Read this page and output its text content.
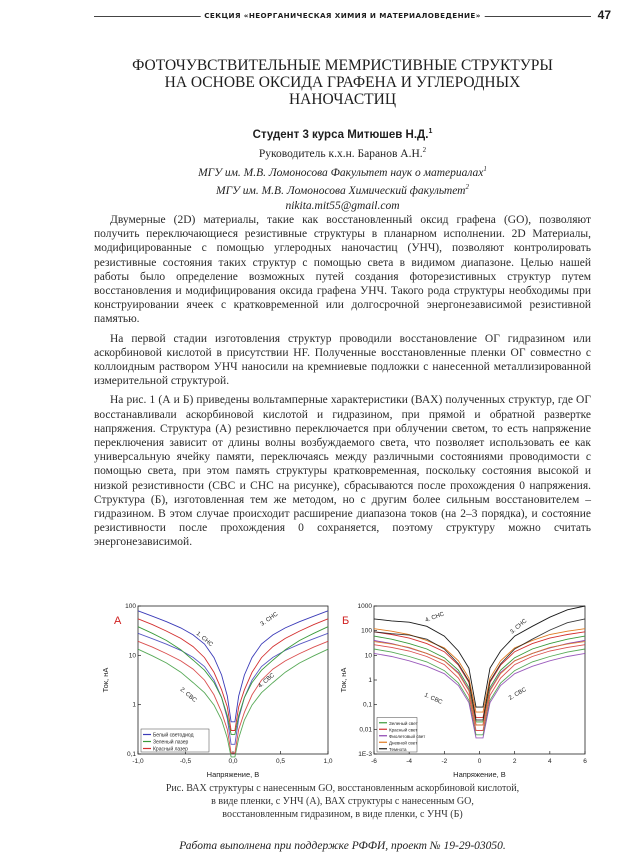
СЕКЦИЯ «НЕОРГАНИЧЕСКАЯ ХИМИЯ И МАТЕРИАЛОВЕДЕНИЕ»	47
ФОТОЧУВСТВИТЕЛЬНЫЕ МЕМРИСТИВНЫЕ СТРУКТУРЫ
НА ОСНОВЕ ОКСИДА ГРАФЕНА И УГЛЕРОДНЫХ
НАНОЧАСТИЦ
Студент 3 курса Митюшев Н.Д.$^1$
Руководитель к.х.н. Баранов А.Н.$^2$
МГУ им. М.В. Ломоносова Факультет наук о материалах$^1$
МГУ им. М.В. Ломоносова Химический факультет$^2$
nikita.mit55@gmail.com

Двумерные (2D) материалы, такие как восстановленный оксид графена (GO), позволяют получить переключающиеся резистивные структуры в планарном исполнении. 2D Материалы, модифицированные с помощью углеродных наночастиц (УНЧ), позволяют контролировать резистивные состояния таких структур с помощью света в видимом диапазоне. Целью нашей работы было определение возможных путей создания фоторезистивных структур путем восстановления и модифицирования оксида графена УНЧ. Такого рода структуры необходимы при конструировании ячеек с кратковременной или долгосрочной энергонезависимой резистивной памятью.

На первой стадии изготовления структур проводили восстановление ОГ гидразином или аскорбиновой кислотой в присутствии HF. Полученные восстановленные пленки ОГ совместно с коллоидным раствором УНЧ наносили на кремниевые подложки с нанесенной металлизированной измерительной структурой.

На рис. 1 (А и Б) приведены вольтамперные характеристики (ВАХ) полученных структур, где ОГ восстанавливали аскорбиновой кислотой и гидразином, при прямой и обратной развертке напряжения. Структура (А) резистивно переключается при облучении светом, то есть напряжение переключения зависит от длины волны возбуждаемого света, что позволяет использовать ее как универсальную ячейку памяти, переключаясь между различными состояниями проводимости с помощью света, при этом память структуры кратковременная, поскольку состояния высокой и низкой резистивности (СВС и СНС на рисунке), сбрасываются после прохождения 0 напряжения. Структура (Б), изготовленная тем же методом, но с другим более сильным восстановителем – гидразином. В этом случае происходит расширение диапазона токов (на 2–3 порядка), и состояние резистивности после прохождения 0 сохраняется, поэтому структуру можно считать энергонезависимой.

-1,0	-0,5	0,0	0,5	1,0
0,1
1
10
100
Напряжение, В
Ток, нА
А
1. СНС
2. СВС
3. СНС
4. СВС
Белый светодиод
Зеленый лазер
Красный лазер
-6	-4	-2	0	2	4	6
1E-3
0,01
0,1
1
10
100
1000
Напряжение, В
Ток, нА
Б	4. СНС
3. СНС
1. СВС	2. СВС
Зеленый свет
Красный свет
Фиолетовый свет
Дневной свет
Темнота
Рис. ВАХ структуры с нанесенным GO, восстановленным аскорбиновой кислотой,
в виде пленки, с УНЧ (А), ВАХ структуры с нанесенным GO,
восстановленным гидразином, в виде пленки, с УНЧ (Б)
Работа выполнена при поддержке РФФИ, проект № 19-29-03050.
